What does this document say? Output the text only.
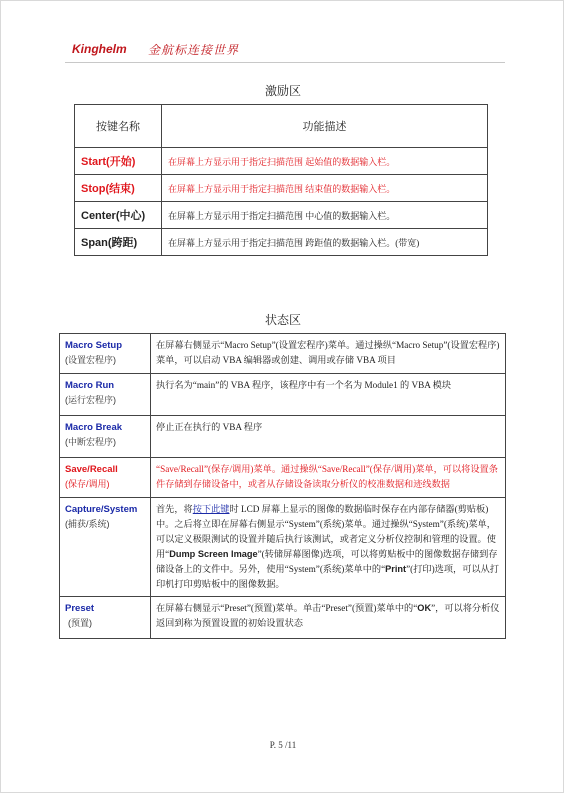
Kinghelm 金航标连接世界
激励区
按键名称	功能描述
Start(开始)	在屏幕上方显示用于指定扫描范围 起始值的数据输入栏。
Stop(结束)	在屏幕上方显示用于指定扫描范围 结束值的数据输入栏。
Center(中心)	在屏幕上方显示用于指定扫描范围 中心值的数据输入栏。
Span(跨距)	在屏幕上方显示用于指定扫描范围 跨距值的数据输入栏。(带宽)
状态区
Macro Setup
(设置宏程序)	在屏幕右侧显示“Macro Setup”(设置宏程序)菜单。通过操纵“Macro Setup”(设置宏程序)菜单，可以启动 VBA 编辑器或创建、调用或存储 VBA 项目

Macro Run
(运行宏程序)	执行名为“main”的 VBA 程序，该程序中有一个名为 Module1 的 VBA 模块

Macro Break
(中断宏程序)	停止正在执行的 VBA 程序

Save/Recall
(保存/调用)	“Save/Recall”(保存/调用)菜单。通过操纵“Save/Recall”(保存/调用)菜单，可以将设置条件存储到存储设备中，或者从存储设备读取分析仪的校准数据和迹线数据

Capture/System
(捕获/系统)	首先，将按下此键时 LCD 屏幕上显示的图像的数据临时保存在内部存储器(剪贴板)中。之后将立即在屏幕右侧显示“System”(系统)菜单。通过操纵“System”(系统)菜单，可以定义极限测试的设置并随后执行该测试，或者定义分析仪控制和管理的设置。使用“Dump Screen Image”(转储屏幕图像)选项，可以将剪贴板中的图像数据存储到存储设备上的文件中。另外，使用“System”(系统)菜单中的“Print”(打印)选项，可以从打印机打印剪贴板中的图像数据。

Preset
(预置)	在屏幕右侧显示“Preset”(预置)菜单。单击“Preset”(预置)菜单中的“OK”，可以将分析仪返回到称为预置设置的初始设置状态
P. 5 /11
